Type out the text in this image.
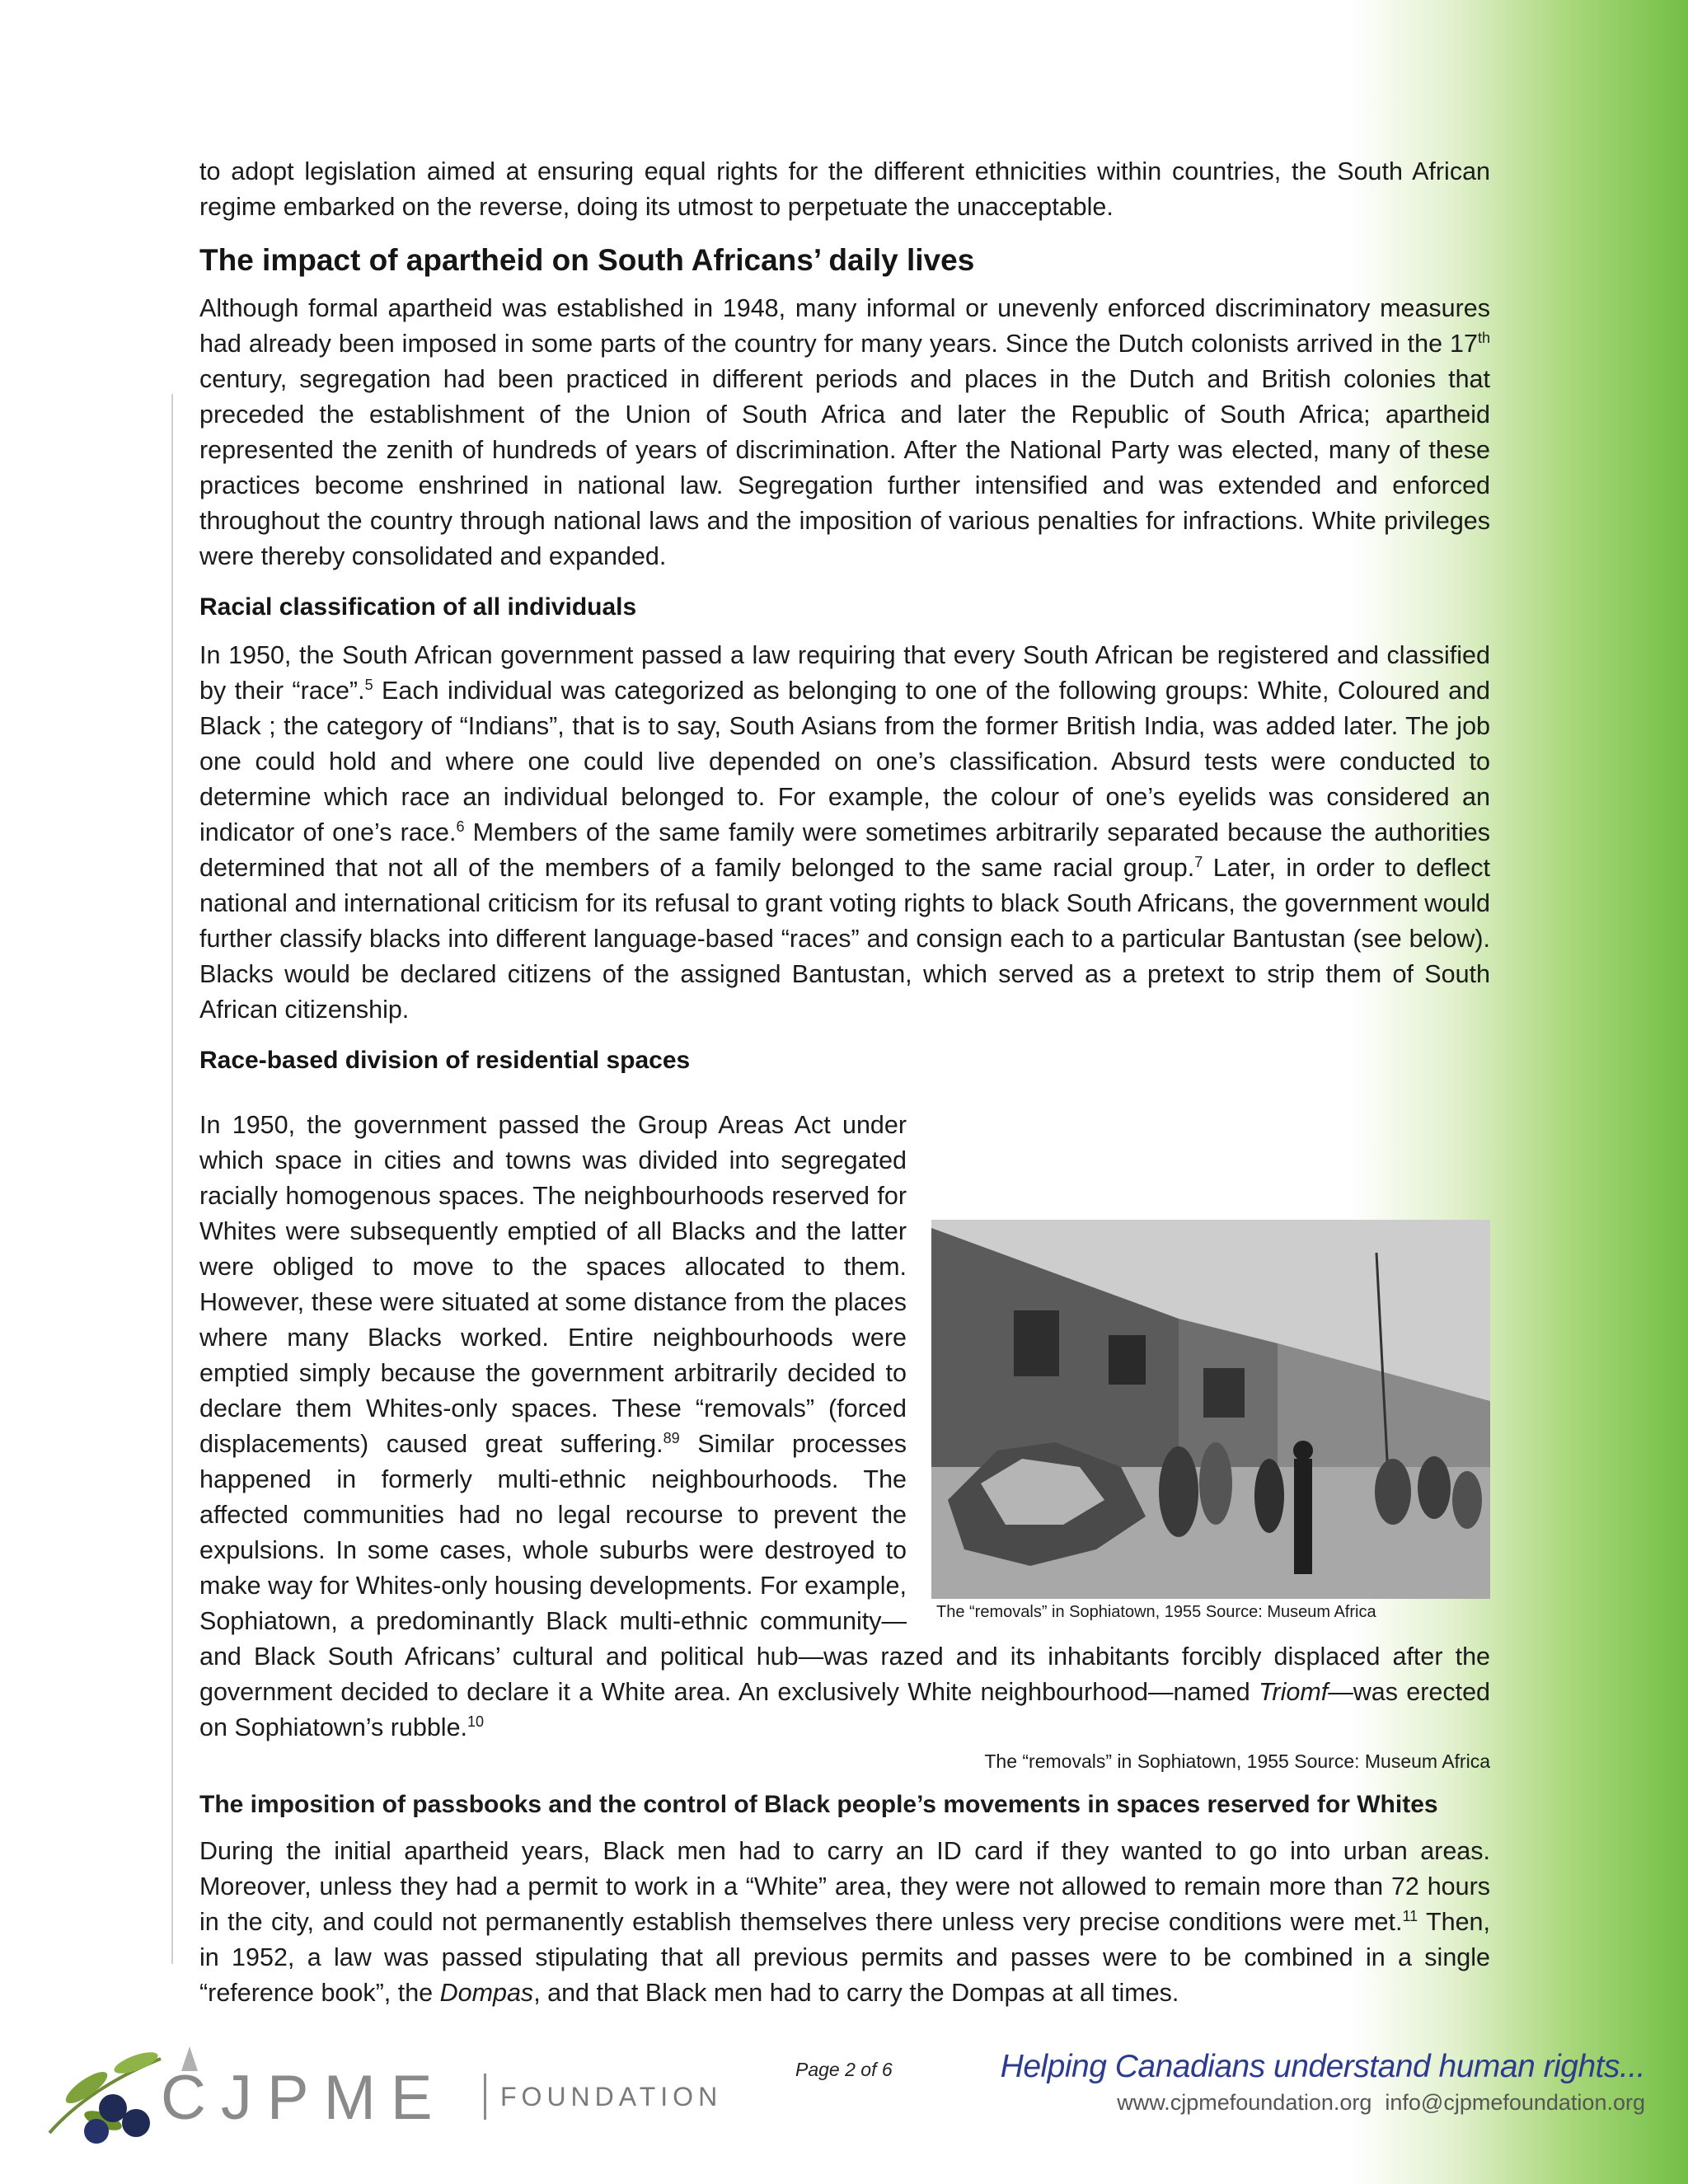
to adopt legislation aimed at ensuring equal rights for the different ethnicities within countries, the South African regime embarked on the reverse, doing its utmost to perpetuate the unacceptable.

The impact of apartheid on South Africans’ daily lives

Although formal apartheid was established in 1948, many informal or unevenly enforced discriminatory measures had already been imposed in some parts of the country for many years. Since the Dutch colonists arrived in the 17th century, segregation had been practiced in different periods and places in the Dutch and British colonies that preceded the establishment of the Union of South Africa and later the Republic of South Africa; apartheid represented the zenith of hundreds of years of discrimination. After the National Party was elected, many of these practices become enshrined in national law. Segregation further intensified and was extended and enforced throughout the country through national laws and the imposition of various penalties for infractions. White privileges were thereby consolidated and expanded.

Racial classification of all individuals

In 1950, the South African government passed a law requiring that every South African be registered and classified by their “race”.$^5$ Each individual was categorized as belonging to one of the following groups: White, Coloured and Black ; the category of “Indians”, that is to say, South Asians from the former British India, was added later. The job one could hold and where one could live depended on one’s classification. Absurd tests were conducted to determine which race an individual belonged to. For example, the colour of one’s eyelids was considered an indicator of one’s race.$^6$ Members of the same family were sometimes arbitrarily separated because the authorities determined that not all of the members of a family belonged to the same racial group.$^7$ Later, in order to deflect national and international criticism for its refusal to grant voting rights to black South Africans, the government would further classify blacks into different language-based “races” and consign each to a particular Bantustan (see below). Blacks would be declared citizens of the assigned Bantustan, which served as a pretext to strip them of South African citizenship.

Race-based division of residential spaces
The “removals” in Sophiatown, 1955 Source: Museum Africa

In 1950, the government passed the Group Areas Act under which space in cities and towns was divided into segregated racially homogenous spaces. The neighbourhoods reserved for Whites were subsequently emptied of all Blacks and the latter were obliged to move to the spaces allocated to them. However, these were situated at some distance from the places where many Blacks worked. Entire neighbourhoods were emptied simply because the government arbitrarily decided to declare them Whites-only spaces. These “removals” (forced displacements) caused great suffering.$^{89}$ Similar processes happened in formerly multi-ethnic neighbourhoods. The affected communities had no legal recourse to prevent the expulsions. In some cases, whole suburbs were destroyed to make way for Whites-only housing developments. For example, Sophiatown, a predominantly Black multi-ethnic community—and Black South Africans’ cultural and political hub—was razed and its inhabitants forcibly displaced after the government decided to declare it a White area. An exclusively White neighbourhood—named Triomf—was erected on Sophiatown’s rubble.$^{10}$

The “removals” in Sophiatown, 1955 Source: Museum Africa
The imposition of passbooks and the control of Black people’s movements in spaces reserved for Whites

During the initial apartheid years, Black men had to carry an ID card if they wanted to go into urban areas. Moreover, unless they had a permit to work in a “White” area, they were not allowed to remain more than 72 hours in the city, and could not permanently establish themselves there unless very precise conditions were met.$^{11}$ Then, in 1952, a law was passed stipulating that all previous permits and passes were to be combined in a single “reference book”, the Dompas, and that Black men had to carry the Dompas at all times.

CJPME FOUNDATION
Page 2 of 6	Helping Canadians understand human rights...
www.cjpmefoundation.org info@cjpmefoundation.org
